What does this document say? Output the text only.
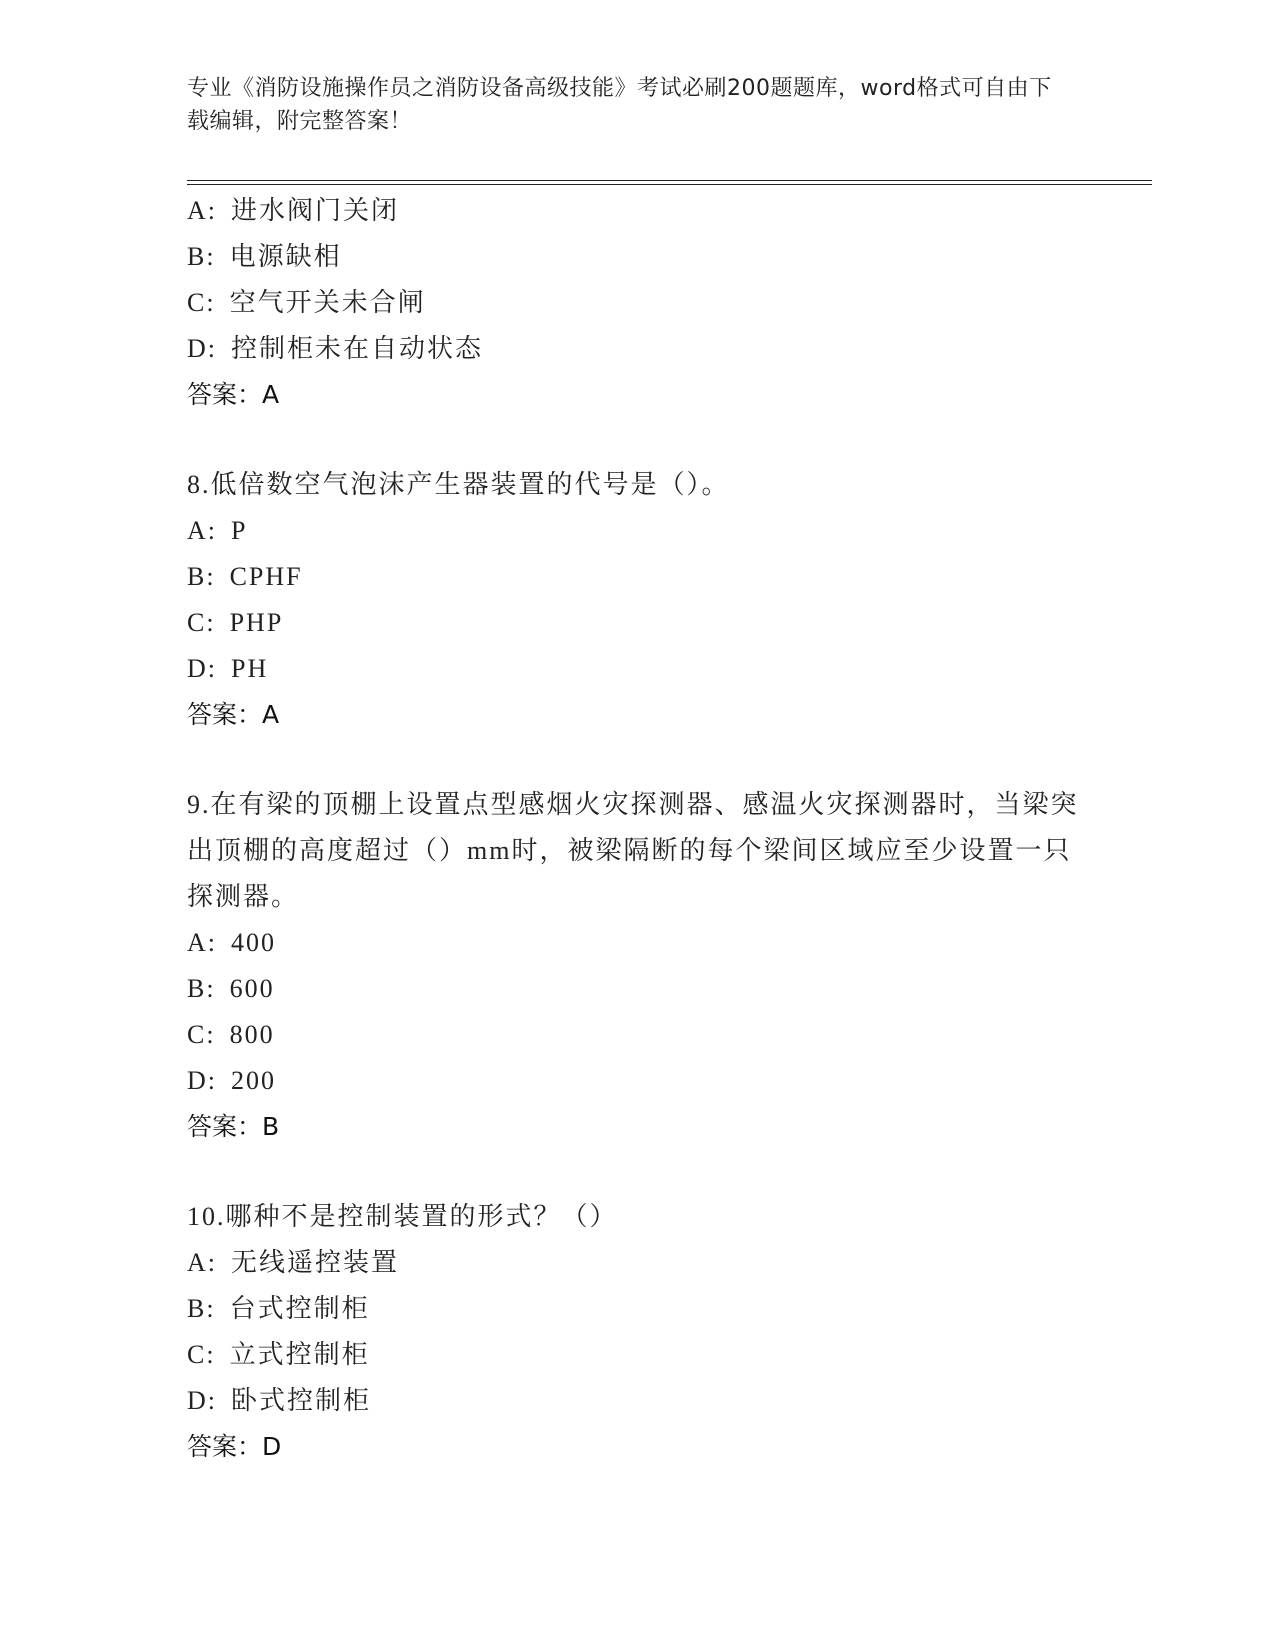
专业《消防设施操作员之消防设备高级技能》考试必刷200题题库，word格式可自由下载编辑，附完整答案！
A: 进水阀门关闭
B: 电源缺相
C: 空气开关未合闸
D: 控制柜未在自动状态
答案：A
8.低倍数空气泡沫产生器装置的代号是（）。
A: P
B: CPHF
C: PHP
D: PH
答案：A
9.在有梁的顶棚上设置点型感烟火灾探测器、感温火灾探测器时，当梁突出顶棚的高度超过（）mm时，被梁隔断的每个梁间区域应至少设置一只探测器。
A: 400
B: 600
C: 800
D: 200
答案：B
10.哪种不是控制装置的形式？（）
A: 无线遥控装置
B: 台式控制柜
C: 立式控制柜
D: 卧式控制柜
答案：D
